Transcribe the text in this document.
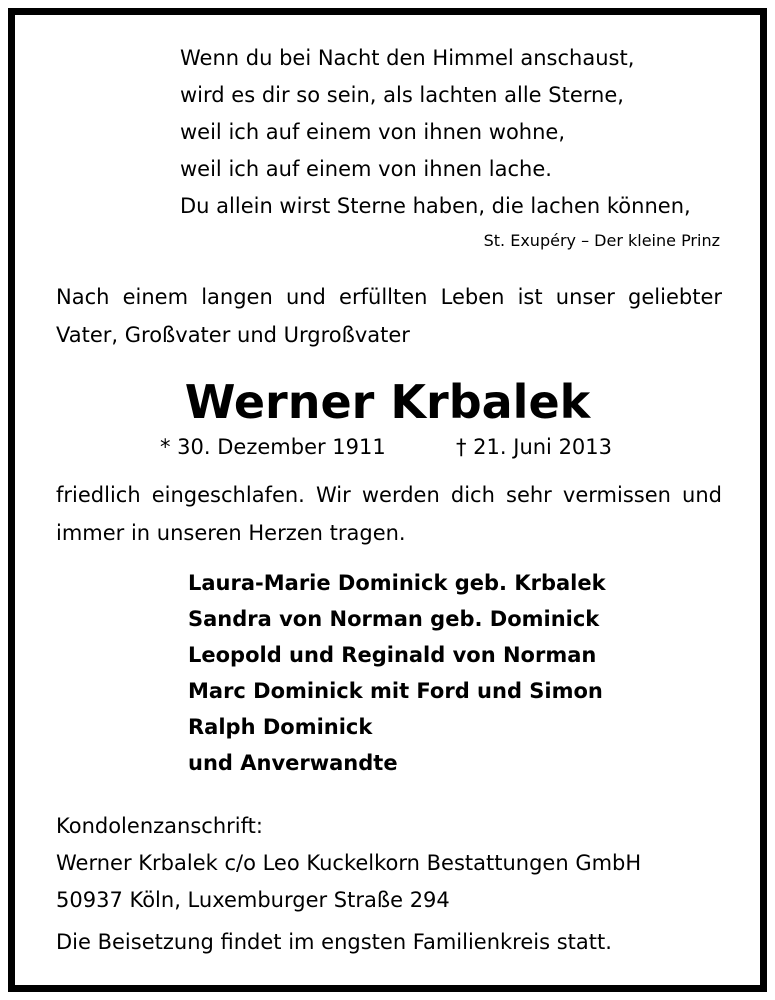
Wenn du bei Nacht den Himmel anschaust,
wird es dir so sein, als lachten alle Sterne,
weil ich auf einem von ihnen wohne,
weil ich auf einem von ihnen lache.
Du allein wirst Sterne haben, die lachen können,
St. Exupéry – Der kleine Prinz
Nach einem langen und erfüllten Leben ist unser geliebter
Vater, Großvater und Urgroßvater
Werner Krbalek
* 30. Dezember 1911	† 21. Juni 2013
friedlich eingeschlafen. Wir werden dich sehr vermissen und
immer in unseren Herzen tragen.
Laura-Marie Dominick geb. Krbalek
Sandra von Norman geb. Dominick
Leopold und Reginald von Norman
Marc Dominick mit Ford und Simon
Ralph Dominick
und Anverwandte
Kondolenzanschrift:
Werner Krbalek c/o Leo Kuckelkorn Bestattungen GmbH
50937 Köln, Luxemburger Straße 294
Die Beisetzung findet im engsten Familienkreis statt.
